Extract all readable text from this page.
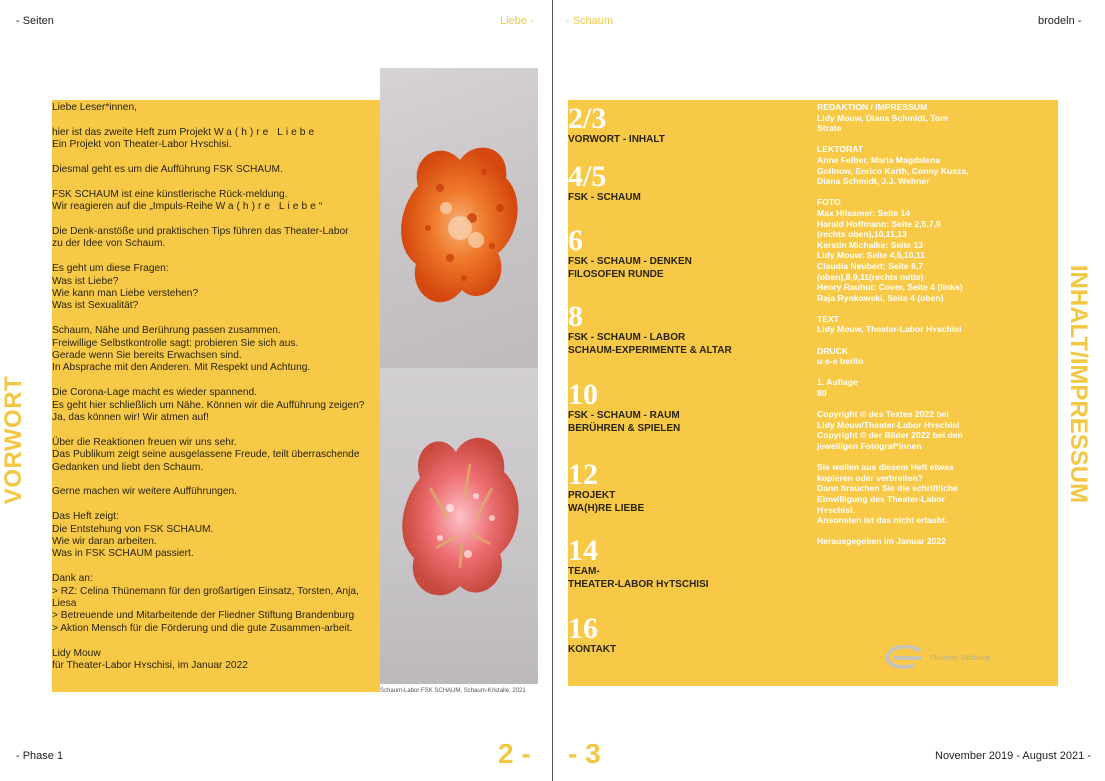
- Seiten	Liebe -	- Schaum	brodeln -

Liebe Leser*innen,

hier ist das zweite Heft zum Projekt Wa(h)re Liebe
Ein Projekt von Theater-Labor Hʏschisi.

Diesmal geht es um die Aufführung FSK SCHAUM.

FSK SCHAUM ist eine künstlerische Rück-meldung.
Wir reagieren auf die „Impuls-Reihe Wa(h)re Liebe“

Die Denk-anstöße und praktischen Tips führen das Theater-Labor
zu der Idee von Schaum.

Es geht um diese Fragen:
Was ist Liebe?
Wie kann man Liebe verstehen?
Was ist Sexualität?

Schaum, Nähe und Berührung passen zusammen.
Freiwillige Selbstkontrolle sagt: probieren Sie sich aus.
Gerade wenn Sie bereits Erwachsen sind.
In Absprache mit den Anderen. Mit Respekt und Achtung.

Die Corona-Lage macht es wieder spannend.
Es geht hier schließlich um Nähe. Können wir die Aufführung zeigen?
Ja, das können wir! Wir atmen auf!

Über die Reaktionen freuen wir uns sehr.
Das Publikum zeigt seine ausgelassene Freude, teilt überraschende
Gedanken und liebt den Schaum.

Gerne machen wir weitere Aufführungen.

Das Heft zeigt:
Die Entstehung von FSK SCHAUM.
Wie wir daran arbeiten.
Was in FSK SCHAUM passiert.

Dank an:
> RZ: Celina Thünemann für den großartigen Einsatz, Torsten, Anja, Liesa
> Betreuende und Mitarbeitende der Fliedner Stiftung Brandenburg
> Aktion Mensch für die Förderung und die gute Zusammen-arbeit.

Lidy Mouw
für Theater-Labor Hʏschisi, im Januar 2022

VORWORT
Schaum-Labor FSK SCHAUM, Schaum-Kristalle, 2021
2/3
VORWORT - INHALT
4/5
FSK - SCHAUM
6
FSK - SCHAUM - DENKEN
FILOSOFEN RUNDE
8
FSK - SCHAUM - LABOR
SCHAUM-EXPERIMENTE & ALTAR
10
FSK - SCHAUM - RAUM
BERÜHREN & SPIELEN
12
PROJEKT
WA(H)RE LIEBE
14
TEAM-
THEATER-LABOR HʏTSCHISI
16
KONTAKT
REDAKTION / IMPRESSUM
Lidy Mouw, Diana Schmidt, Tom
Strate
LEKTORAT
Anne Felber, Maria Magdalena
Gollnow, Enrico Karth, Conny Kusza,
Diana Schmidt, J.J. Wehner
FOTO
Max Hilsamer: Seite 14
Harald Hoffmann: Seite 2,5,7,9
(rechts oben),10,11,13
Kerstin Michalke: Seite 13
Lidy Mouw: Seite 4,5,10,11
Claudia Neubert: Seite 6,7
(oben),8,9,11(rechts mitte)
Henry Rauhut: Cover, Seite 4 (links)
Raja Rynkowski, Seite 4 (oben)
TEXT
Lidy Mouw, Theater-Labor Hʏschisi
DRUCK
u-s-e berlin
1. Auflage
80
Copyright © des Textes 2022 bei
Lidy Mouw/Theater-Labor Hʏschisi
Copyright © der Bilder 2022 bei den
jeweiligen Fotograf*innen
Sie wollen aus diesem Heft etwas
kopieren oder verbreiten?
Dann brauchen Sie die schriftliche
Einwilligung des Theater-Labor
Hʏschisi.
Ansonsten ist das nicht erlaubt.
Herausgegeben im Januar 2022
INHALT/IMPRESSUM
Fliedner Stiftung
- Phase 1	2 - - 3	November 2019 - August 2021 -
